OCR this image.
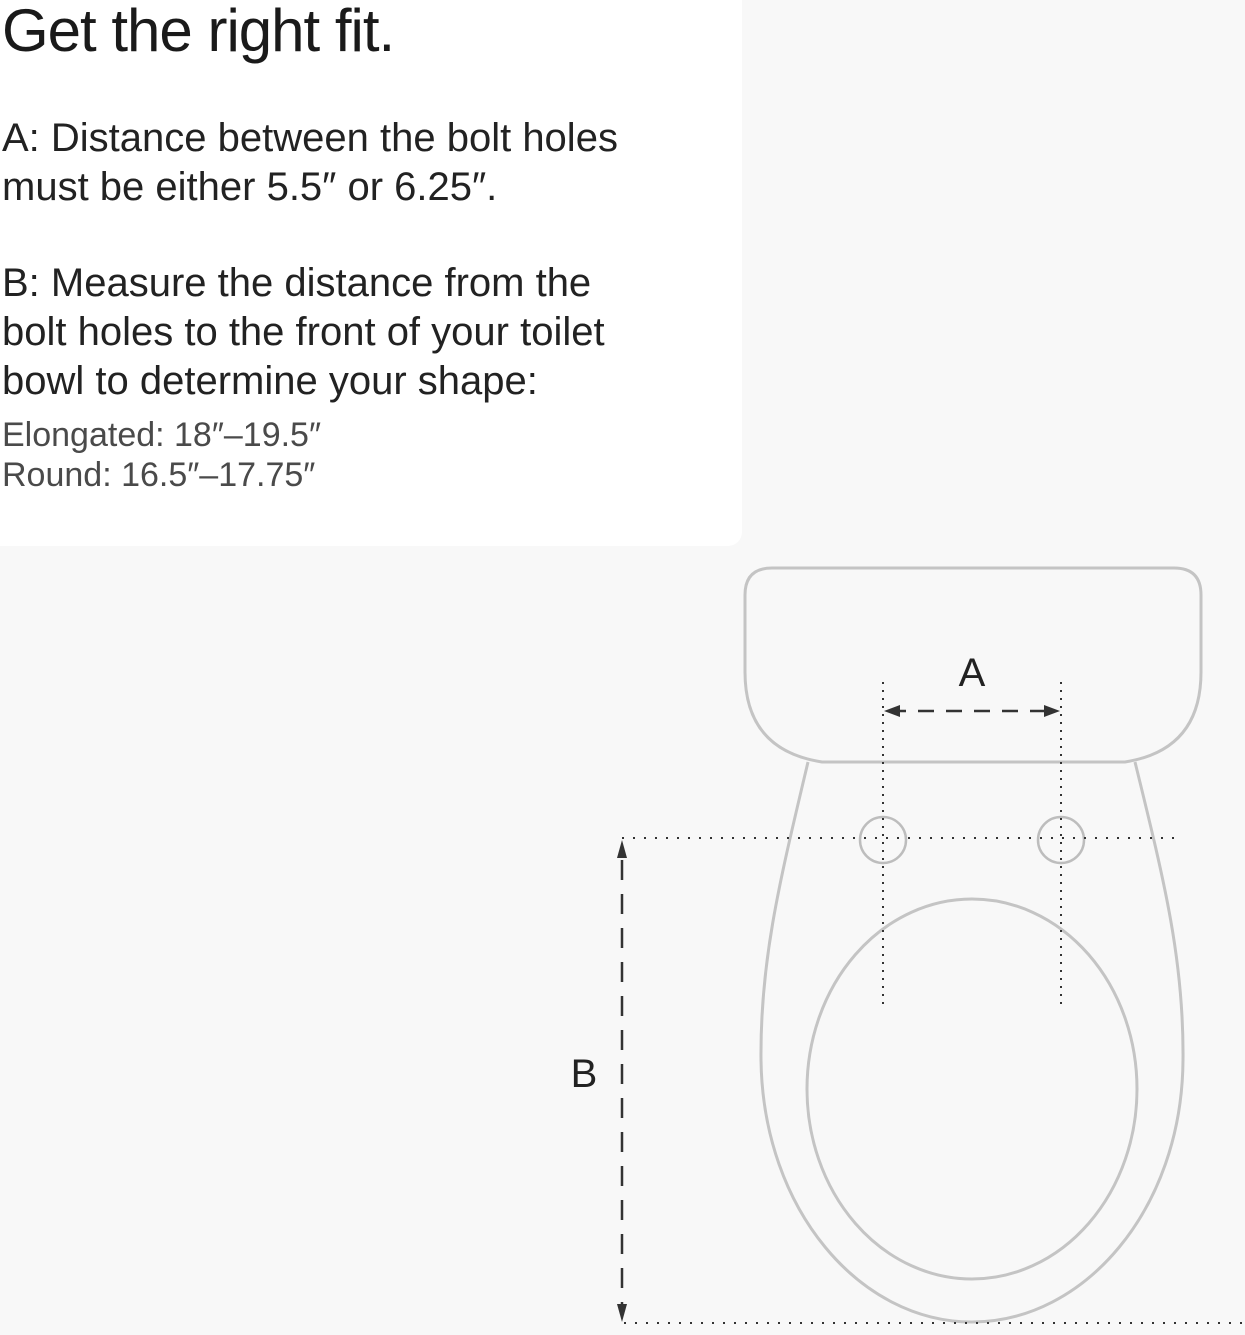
Get the right fit.

A: Distance between the bolt holes
must be either 5.5″ or 6.25″.

B: Measure the distance from the
bolt holes to the front of your toilet
bowl to determine your shape:

Elongated: 18″–19.5″

Round: 16.5″–17.75″

A
B
